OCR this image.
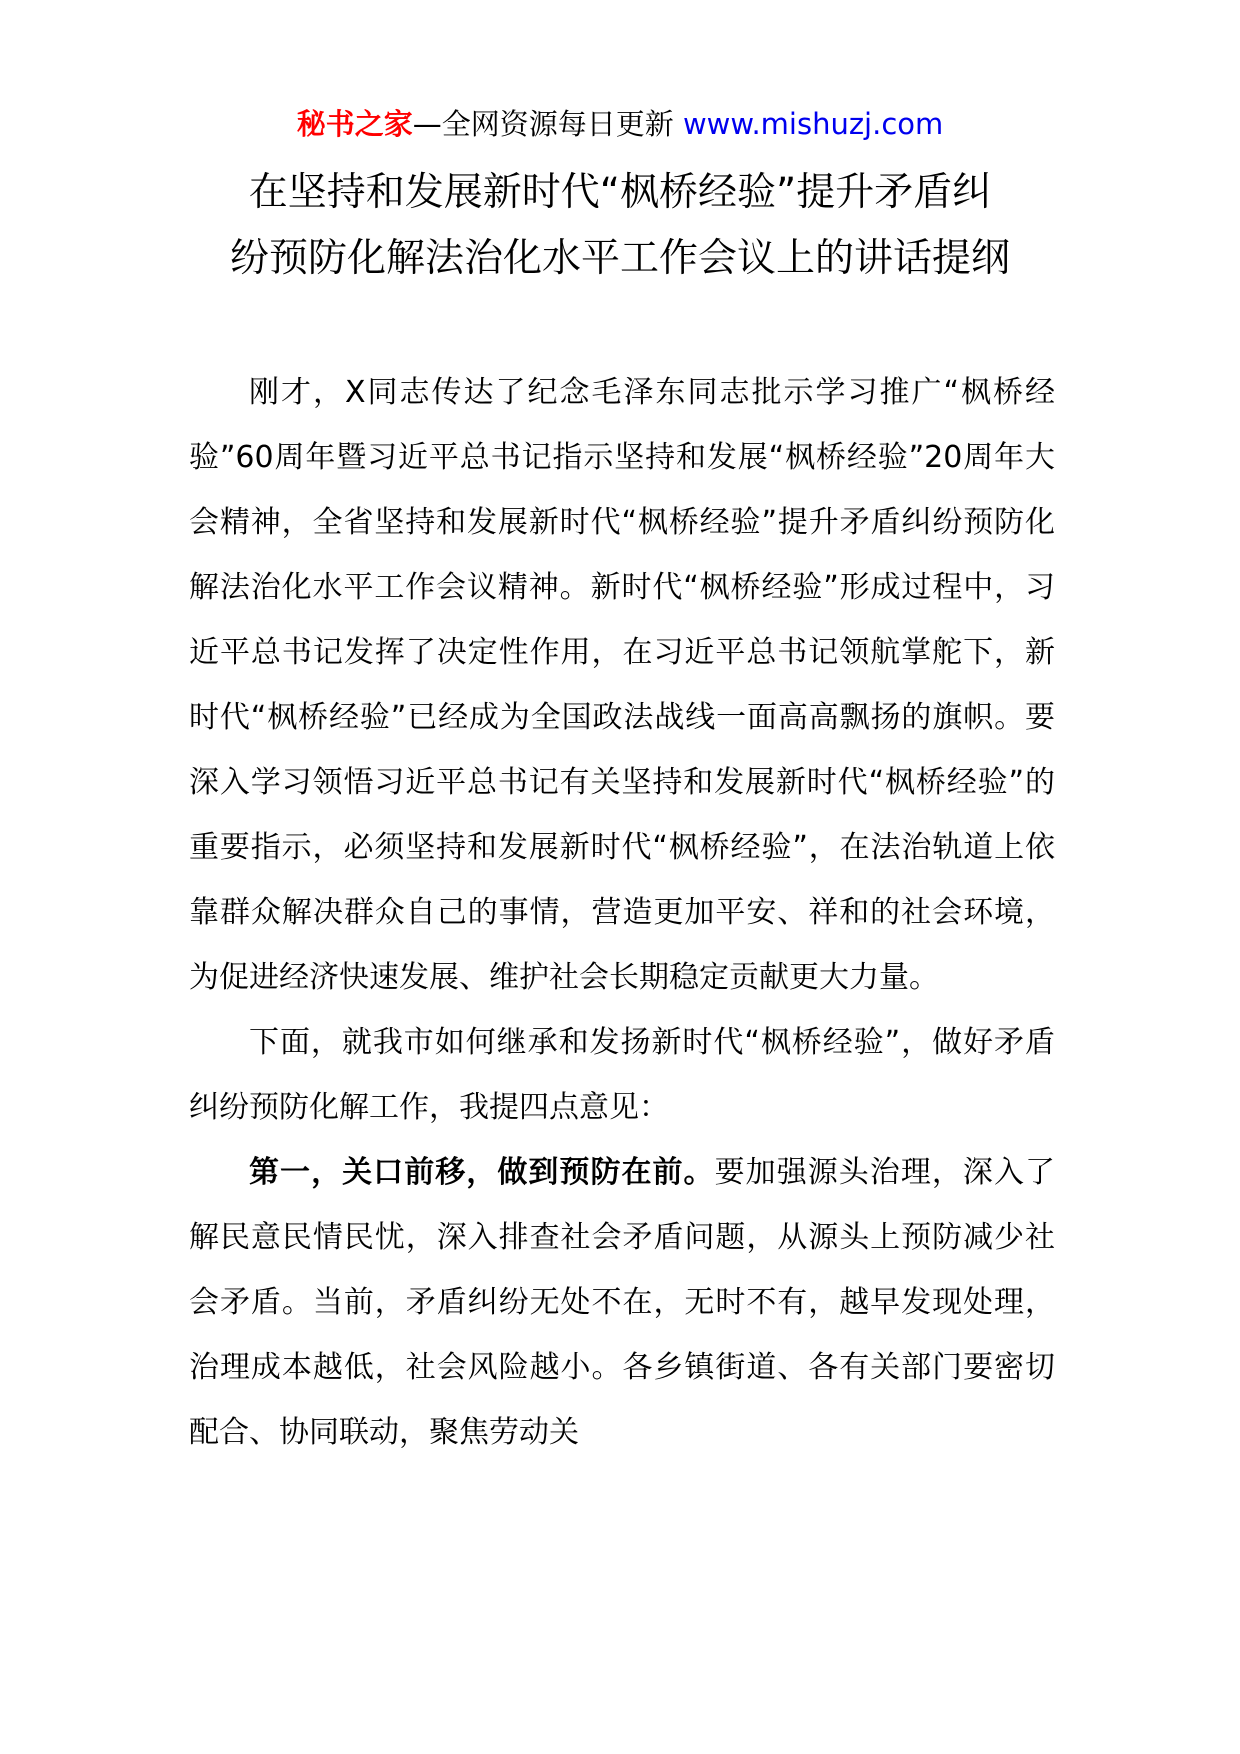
秘书之家—全网资源每日更新 www.mishuzj.com
在坚持和发展新时代“枫桥经验”提升矛盾纠
纷预防化解法治化水平工作会议上的讲话提纲

刚才，X同志传达了纪念毛泽东同志批示学习推广“枫桥经验”60周年暨习近平总书记指示坚持和发展“枫桥经验”20周年大会精神，全省坚持和发展新时代“枫桥经验”提升矛盾纠纷预防化解法治化水平工作会议精神。新时代“枫桥经验”形成过程中，习近平总书记发挥了决定性作用，在习近平总书记领航掌舵下，新时代“枫桥经验”已经成为全国政法战线一面高高飘扬的旗帜。要深入学习领悟习近平总书记有关坚持和发展新时代“枫桥经验”的重要指示，必须坚持和发展新时代“枫桥经验”，在法治轨道上依靠群众解决群众自己的事情，营造更加平安、祥和的社会环境，为促进经济快速发展、维护社会长期稳定贡献更大力量。

下面，就我市如何继承和发扬新时代“枫桥经验”，做好矛盾纠纷预防化解工作，我提四点意见：

第一，关口前移，做到预防在前。要加强源头治理，深入了解民意民情民忧，深入排查社会矛盾问题，从源头上预防减少社会矛盾。当前，矛盾纠纷无处不在，无时不有，越早发现处理，治理成本越低，社会风险越小。各乡镇街道、各有关部门要密切配合、协同联动，聚焦劳动关
